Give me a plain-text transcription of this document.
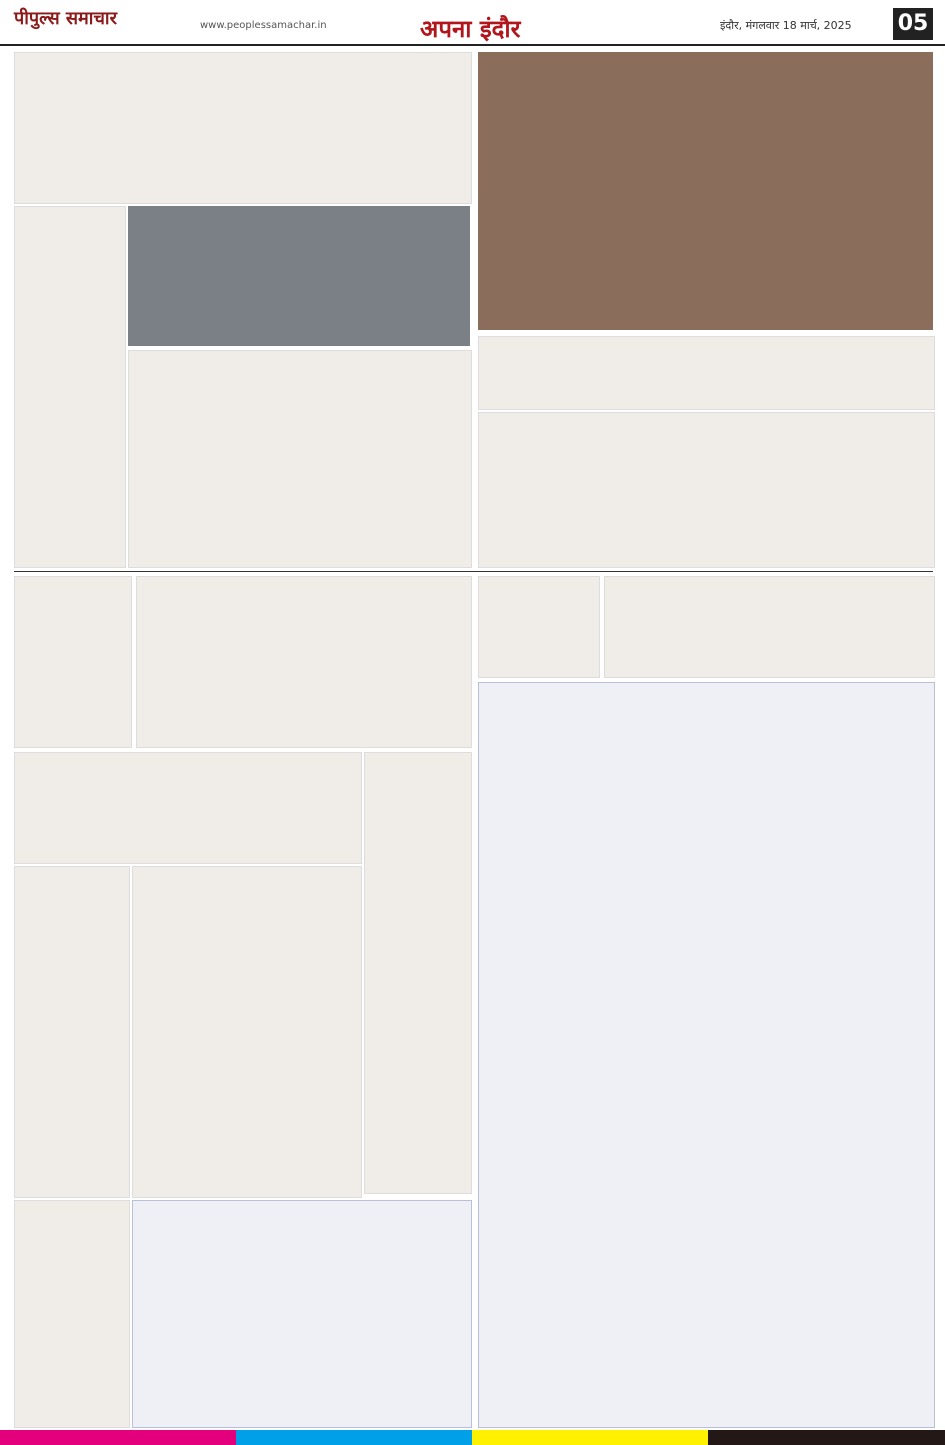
पीपुल्स समाचार	www.peoplessamachar.in	अपना इंदौर	इंदौर, मंगलवार 18 मार्च, 2025 05
